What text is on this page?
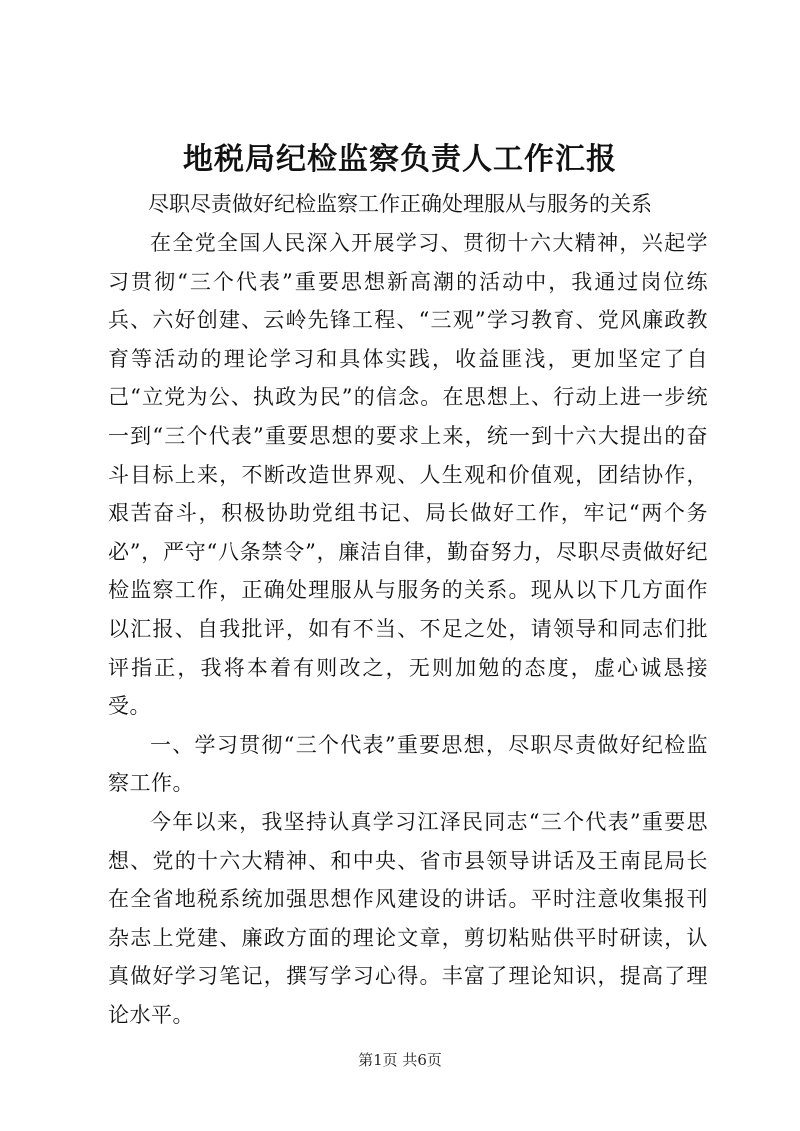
地税局纪检监察负责人工作汇报
尽职尽责做好纪检监察工作正确处理服从与服务的关系

在全党全国人民深入开展学习、贯彻十六大精神，兴起学习贯彻“三个代表”重要思想新高潮的活动中，我通过岗位练兵、六好创建、云岭先锋工程、“三观”学习教育、党风廉政教育等活动的理论学习和具体实践，收益匪浅，更加坚定了自己“立党为公、执政为民”的信念。在思想上、行动上进一步统一到“三个代表”重要思想的要求上来，统一到十六大提出的奋斗目标上来，不断改造世界观、人生观和价值观，团结协作，艰苦奋斗，积极协助党组书记、局长做好工作，牢记“两个务必”，严守“八条禁令”，廉洁自律，勤奋努力，尽职尽责做好纪检监察工作，正确处理服从与服务的关系。现从以下几方面作以汇报、自我批评，如有不当、不足之处，请领导和同志们批评指正，我将本着有则改之，无则加勉的态度，虚心诚恳接受。

一、学习贯彻“三个代表”重要思想，尽职尽责做好纪检监察工作。

今年以来，我坚持认真学习江泽民同志“三个代表”重要思想、党的十六大精神、和中央、省市县领导讲话及王南昆局长在全省地税系统加强思想作风建设的讲话。平时注意收集报刊杂志上党建、廉政方面的理论文章，剪切粘贴供平时研读，认真做好学习笔记，撰写学习心得。丰富了理论知识，提高了理论水平。

第1页 共6页
